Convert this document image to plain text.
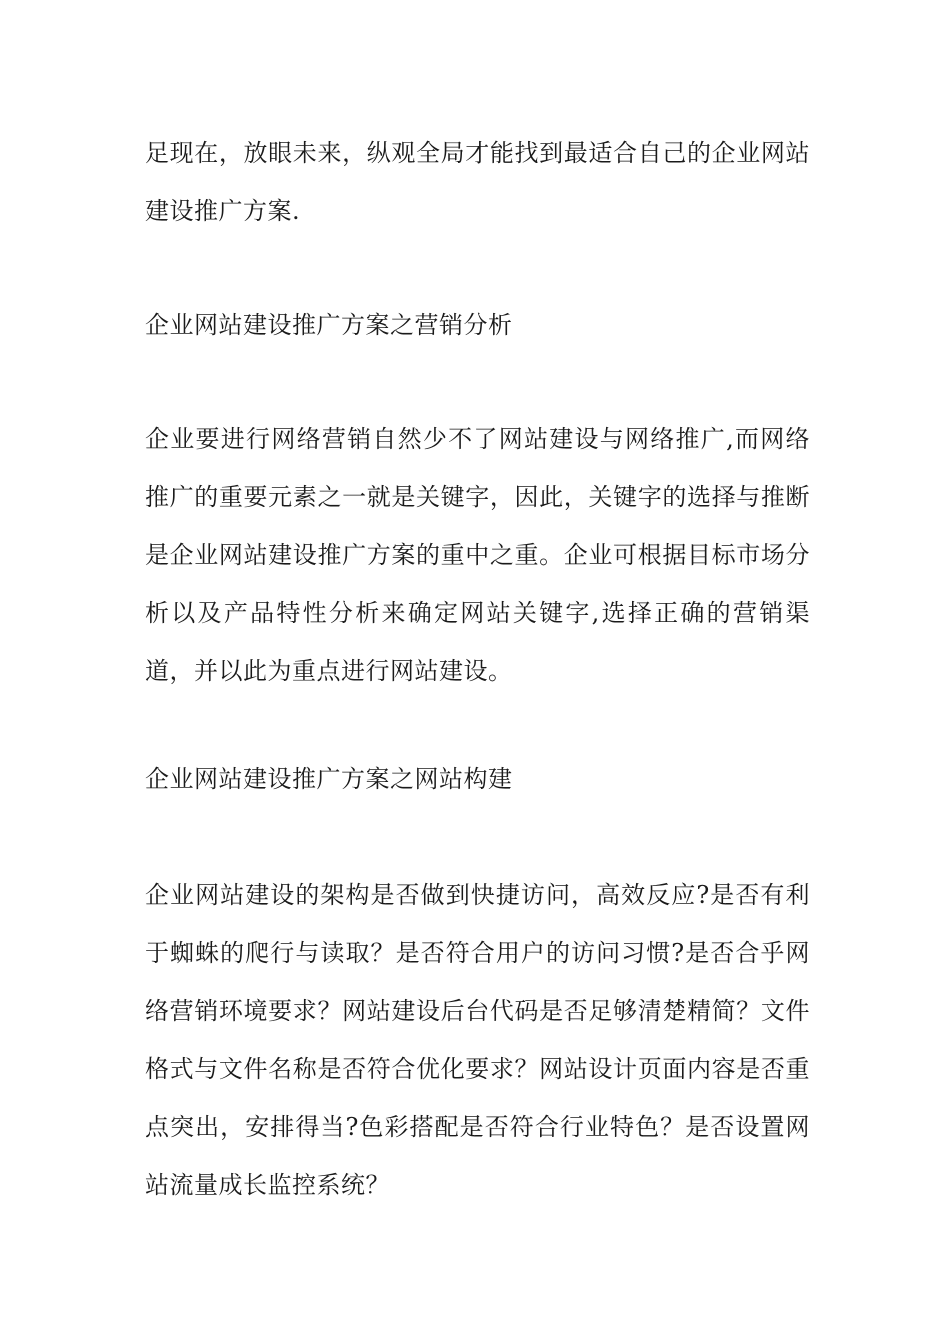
足现在，放眼未来，纵观全局才能找到最适合自己的企业网站建设推广方案.

企业网站建设推广方案之营销分析

企业要进行网络营销自然少不了网站建设与网络推广,而网络推广的重要元素之一就是关键字，因此，关键字的选择与推断是企业网站建设推广方案的重中之重。企业可根据目标市场分析以及产品特性分析来确定网站关键字,选择正确的营销渠道，并以此为重点进行网站建设。

企业网站建设推广方案之网站构建

企业网站建设的架构是否做到快捷访问，高效反应?是否有利于蜘蛛的爬行与读取？是否符合用户的访问习惯?是否合乎网络营销环境要求？网站建设后台代码是否足够清楚精简？文件格式与文件名称是否符合优化要求？网站设计页面内容是否重点突出，安排得当?色彩搭配是否符合行业特色？是否设置网站流量成长监控系统？
